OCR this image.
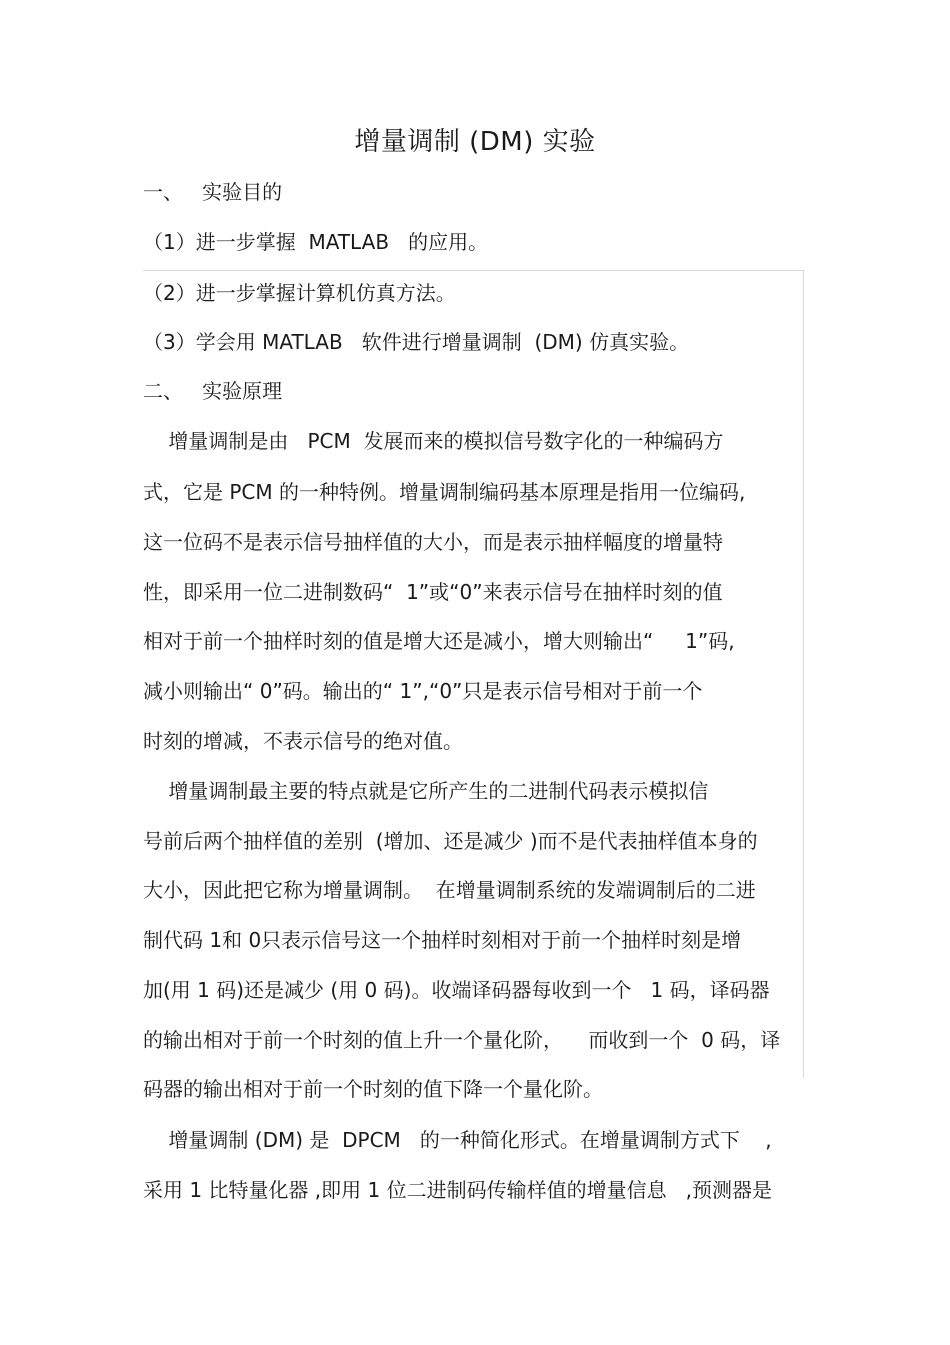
增量调制 (DM) 实验
一、   实验目的
（1）进一步掌握  MATLAB   的应用。
（2）进一步掌握计算机仿真方法。
（3）学会用 MATLAB   软件进行增量调制  (DM) 仿真实验。
二、   实验原理
增量调制是由   PCM  发展而来的模拟信号数字化的一种编码方
式，它是 PCM 的一种特例。增量调制编码基本原理是指用一位编码,
这一位码不是表示信号抽样值的大小，而是表示抽样幅度的增量特
性，即采用一位二进制数码“  1”或“0”来表示信号在抽样时刻的值
相对于前一个抽样时刻的值是增大还是减小，增大则输出“     1”码,
减小则输出“ 0”码。输出的“ 1”,“0”只是表示信号相对于前一个
时刻的增减，不表示信号的绝对值。
增量调制最主要的特点就是它所产生的二进制代码表示模拟信
号前后两个抽样值的差别  (增加、还是减少 )而不是代表抽样值本身的
大小，因此把它称为增量调制。  在增量调制系统的发端调制后的二进
制代码 1和 0只表示信号这一个抽样时刻相对于前一个抽样时刻是增
加(用 1 码)还是减少 (用 0 码)。收端译码器每收到一个   1 码，译码器
的输出相对于前一个时刻的值上升一个量化阶，    而收到一个  0 码，译
码器的输出相对于前一个时刻的值下降一个量化阶。
增量调制 (DM) 是  DPCM   的一种简化形式。在增量调制方式下    ,
采用 1 比特量化器 ,即用 1 位二进制码传输样值的增量信息   ,预测器是
